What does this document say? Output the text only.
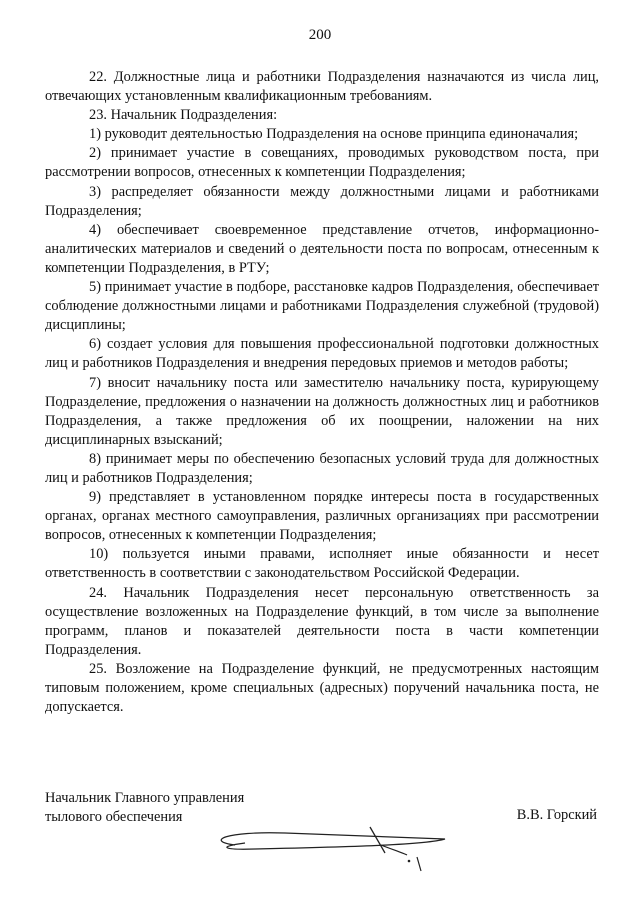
200

22. Должностные лица и работники Подразделения назначаются из числа лиц, отвечающих установленным квалификационным требованиям.

23. Начальник Подразделения:

1) руководит деятельностью Подразделения на основе принципа единоначалия;

2) принимает участие в совещаниях, проводимых руководством поста, при рассмотрении вопросов, отнесенных к компетенции Подразделения;

3) распределяет обязанности между должностными лицами и работниками Подразделения;

4) обеспечивает своевременное представление отчетов, информационно-аналитических материалов и сведений о деятельности поста по вопросам, отнесенным к компетенции Подразделения, в РТУ;

5) принимает участие в подборе, расстановке кадров Подразделения, обеспечивает соблюдение должностными лицами и работниками Подразделения служебной (трудовой) дисциплины;

6) создает условия для повышения профессиональной подготовки должностных лиц и работников Подразделения и внедрения передовых приемов и методов работы;

7) вносит начальнику поста или заместителю начальнику поста, курирующему Подразделение, предложения о назначении на должность должностных лиц и работников Подразделения, а также предложения об их поощрении, наложении на них дисциплинарных взысканий;

8) принимает меры по обеспечению безопасных условий труда для должностных лиц и работников Подразделения;

9) представляет в установленном порядке интересы поста в государственных органах, органах местного самоуправления, различных организациях при рассмотрении вопросов, отнесенных к компетенции Подразделения;

10) пользуется иными правами, исполняет иные обязанности и несет ответственность в соответствии с законодательством Российской Федерации.

24. Начальник Подразделения несет персональную ответственность за осуществление возложенных на Подразделение функций, в том числе за выполнение программ, планов и показателей деятельности поста в части компетенции Подразделения.

25. Возложение на Подразделение функций, не предусмотренных настоящим типовым положением, кроме специальных (адресных) поручений начальника поста, не допускается.

Начальник Главного управления
тылового обеспечения	В.В. Горский
